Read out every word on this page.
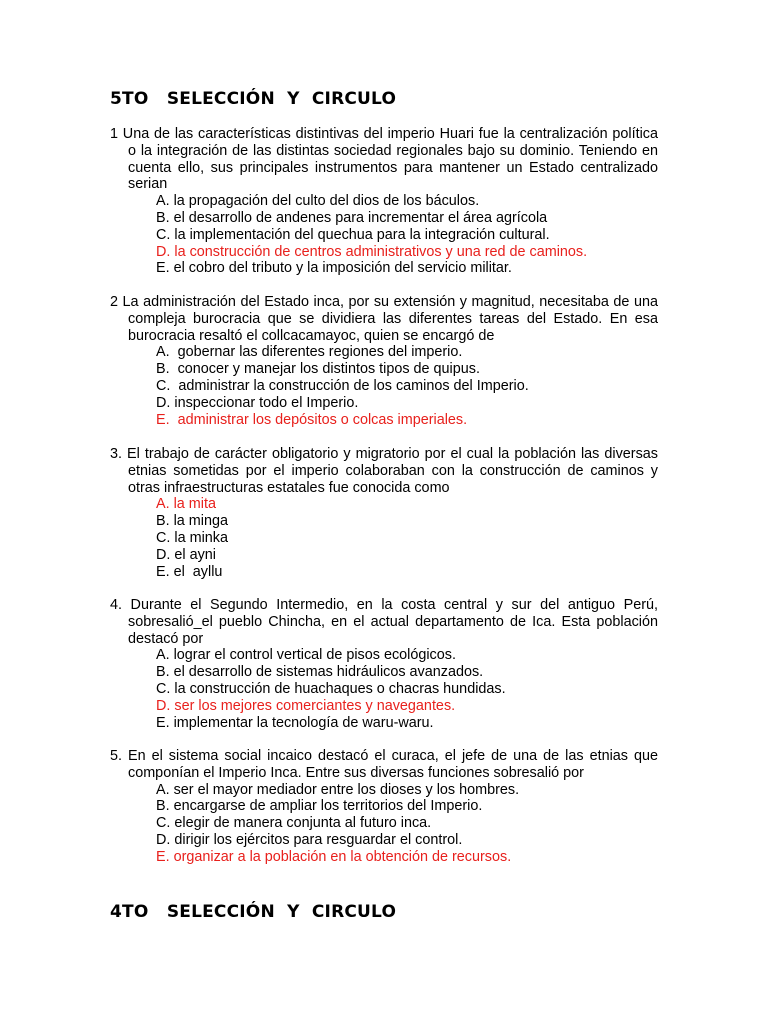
5TO   SELECCIÓN  Y  CIRCULO
1 Una de las características distintivas del imperio Huari fue la centralización política o la integración de las distintas sociedad regionales bajo su dominio. Teniendo en cuenta ello, sus principales instrumentos para mantener un Estado centralizado serian
A. la propagación del culto del dios de los báculos.
B. el desarrollo de andenes para incrementar el área agrícola
C. la implementación del quechua para la integración cultural.
D. la construcción de centros administrativos y una red de caminos.
E. el cobro del tributo y la imposición del servicio militar.
2 La administración del Estado inca, por su extensión y magnitud, necesitaba de una compleja burocracia que se dividiera las diferentes tareas del Estado. En esa burocracia resaltó el collcacamayoc, quien se encargó de
A.  gobernar las diferentes regiones del imperio.
B.  conocer y manejar los distintos tipos de quipus.
C.  administrar la construcción de los caminos del Imperio.
D. inspeccionar todo el Imperio.
E.  administrar los depósitos o colcas imperiales.
3. El trabajo de carácter obligatorio y migratorio por el cual la población las diversas etnias sometidas por el imperio colaboraban con la construcción de caminos y otras infraestructuras estatales fue conocida como
A. la mita
B. la minga
C. la minka
D. el ayni
E. el  ayllu
4. Durante el Segundo Intermedio, en la costa central y sur del antiguo Perú, sobresalió_el pueblo Chincha, en el actual departamento de Ica. Esta población destacó por
A. lograr el control vertical de pisos ecológicos.
B. el desarrollo de sistemas hidráulicos avanzados.
C. la construcción de huachaques o chacras hundidas.
D. ser los mejores comerciantes y navegantes.
E. implementar la tecnología de waru-waru.
5. En el sistema social incaico destacó el curaca, el jefe de una de las etnias que componían el Imperio Inca. Entre sus diversas funciones sobresalió por
A. ser el mayor mediador entre los dioses y los hombres.
B. encargarse de ampliar los territorios del Imperio.
C. elegir de manera conjunta al futuro inca.
D. dirigir los ejércitos para resguardar el control.
E. organizar a la población en la obtención de recursos.
4TO   SELECCIÓN  Y  CIRCULO
